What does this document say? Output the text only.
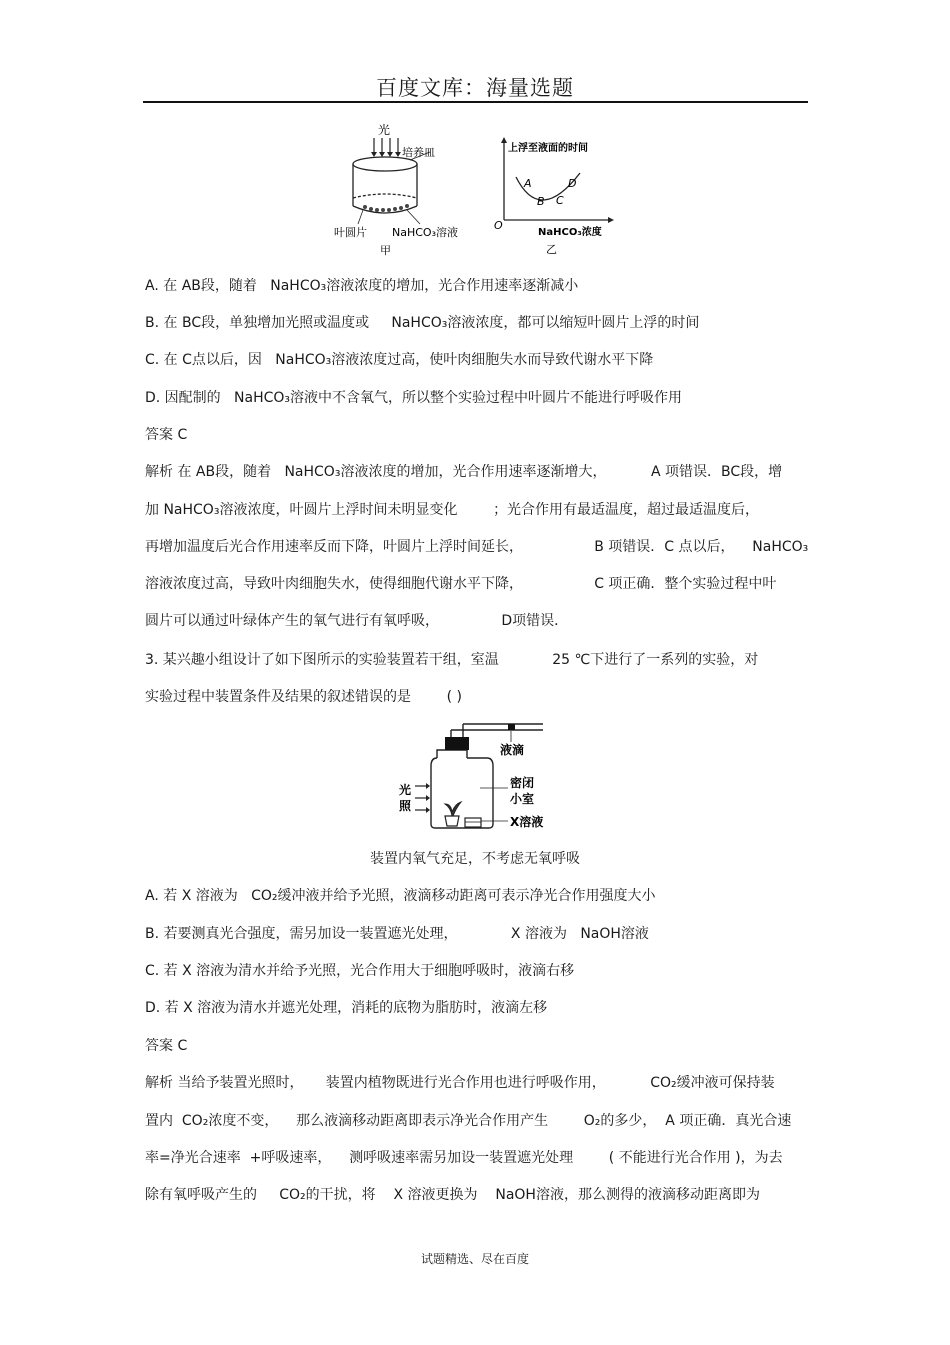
百度文库：海量选题
光
培养皿
叶圆片 NaHCO₃溶液
甲
上浮至液面的时间
O
A
B C
D
NaHCO₃浓度
乙
A. 在 AB段，随着 NaHCO₃溶液浓度的增加，光合作用速率逐渐减小
B. 在 BC段，单独增加光照或温度或 NaHCO₃溶液浓度，都可以缩短叶圆片上浮的时间
C. 在 C点以后，因 NaHCO₃溶液浓度过高，使叶肉细胞失水而导致代谢水平下降
D. 因配制的 NaHCO₃溶液中不含氧气，所以整个实验过程中叶圆片不能进行呼吸作用
答案 C
解析 在 AB段，随着 NaHCO₃溶液浓度的增加，光合作用速率逐渐增大，	A 项错误．BC段，增
加 NaHCO₃溶液浓度，叶圆片上浮时间未明显变化	；光合作用有最适温度，超过最适温度后，
再增加温度后光合作用速率反而下降，叶圆片上浮时间延长，	B 项错误．C 点以后， NaHCO₃
溶液浓度过高，导致叶肉细胞失水，使得细胞代谢水平下降，	C 项正确．整个实验过程中叶
圆片可以通过叶绿体产生的氧气进行有氧呼吸，	D项错误．
3. 某兴趣小组设计了如下图所示的实验装置若干组，室温	25 ℃下进行了一系列的实验，对
实验过程中装置条件及结果的叙述错误的是	( )
液滴
密闭
小室
X溶液
光
照
装置内氧气充足，不考虑无氧呼吸
A. 若 X 溶液为 CO₂缓冲液并给予光照，液滴移动距离可表示净光合作用强度大小
B. 若要测真光合强度，需另加设一装置遮光处理，	X 溶液为 NaOH溶液
C. 若 X 溶液为清水并给予光照，光合作用大于细胞呼吸时，液滴右移
D. 若 X 溶液为清水并遮光处理，消耗的底物为脂肪时，液滴左移
答案 C
解析 当给予装置光照时， 装置内植物既进行光合作用也进行呼吸作用，	CO₂缓冲液可保持装
置内 CO₂浓度不变， 那么液滴移动距离即表示净光合作用产生	O₂的多少， A 项正确．真光合速
率=净光合速率 +呼吸速率， 测呼吸速率需另加设一装置遮光处理	( 不能进行光合作用 )，为去
除有氧呼吸产生的 CO₂的干扰，将 X 溶液更换为 NaOH溶液，那么测得的液滴移动距离即为
试题精选、尽在百度
